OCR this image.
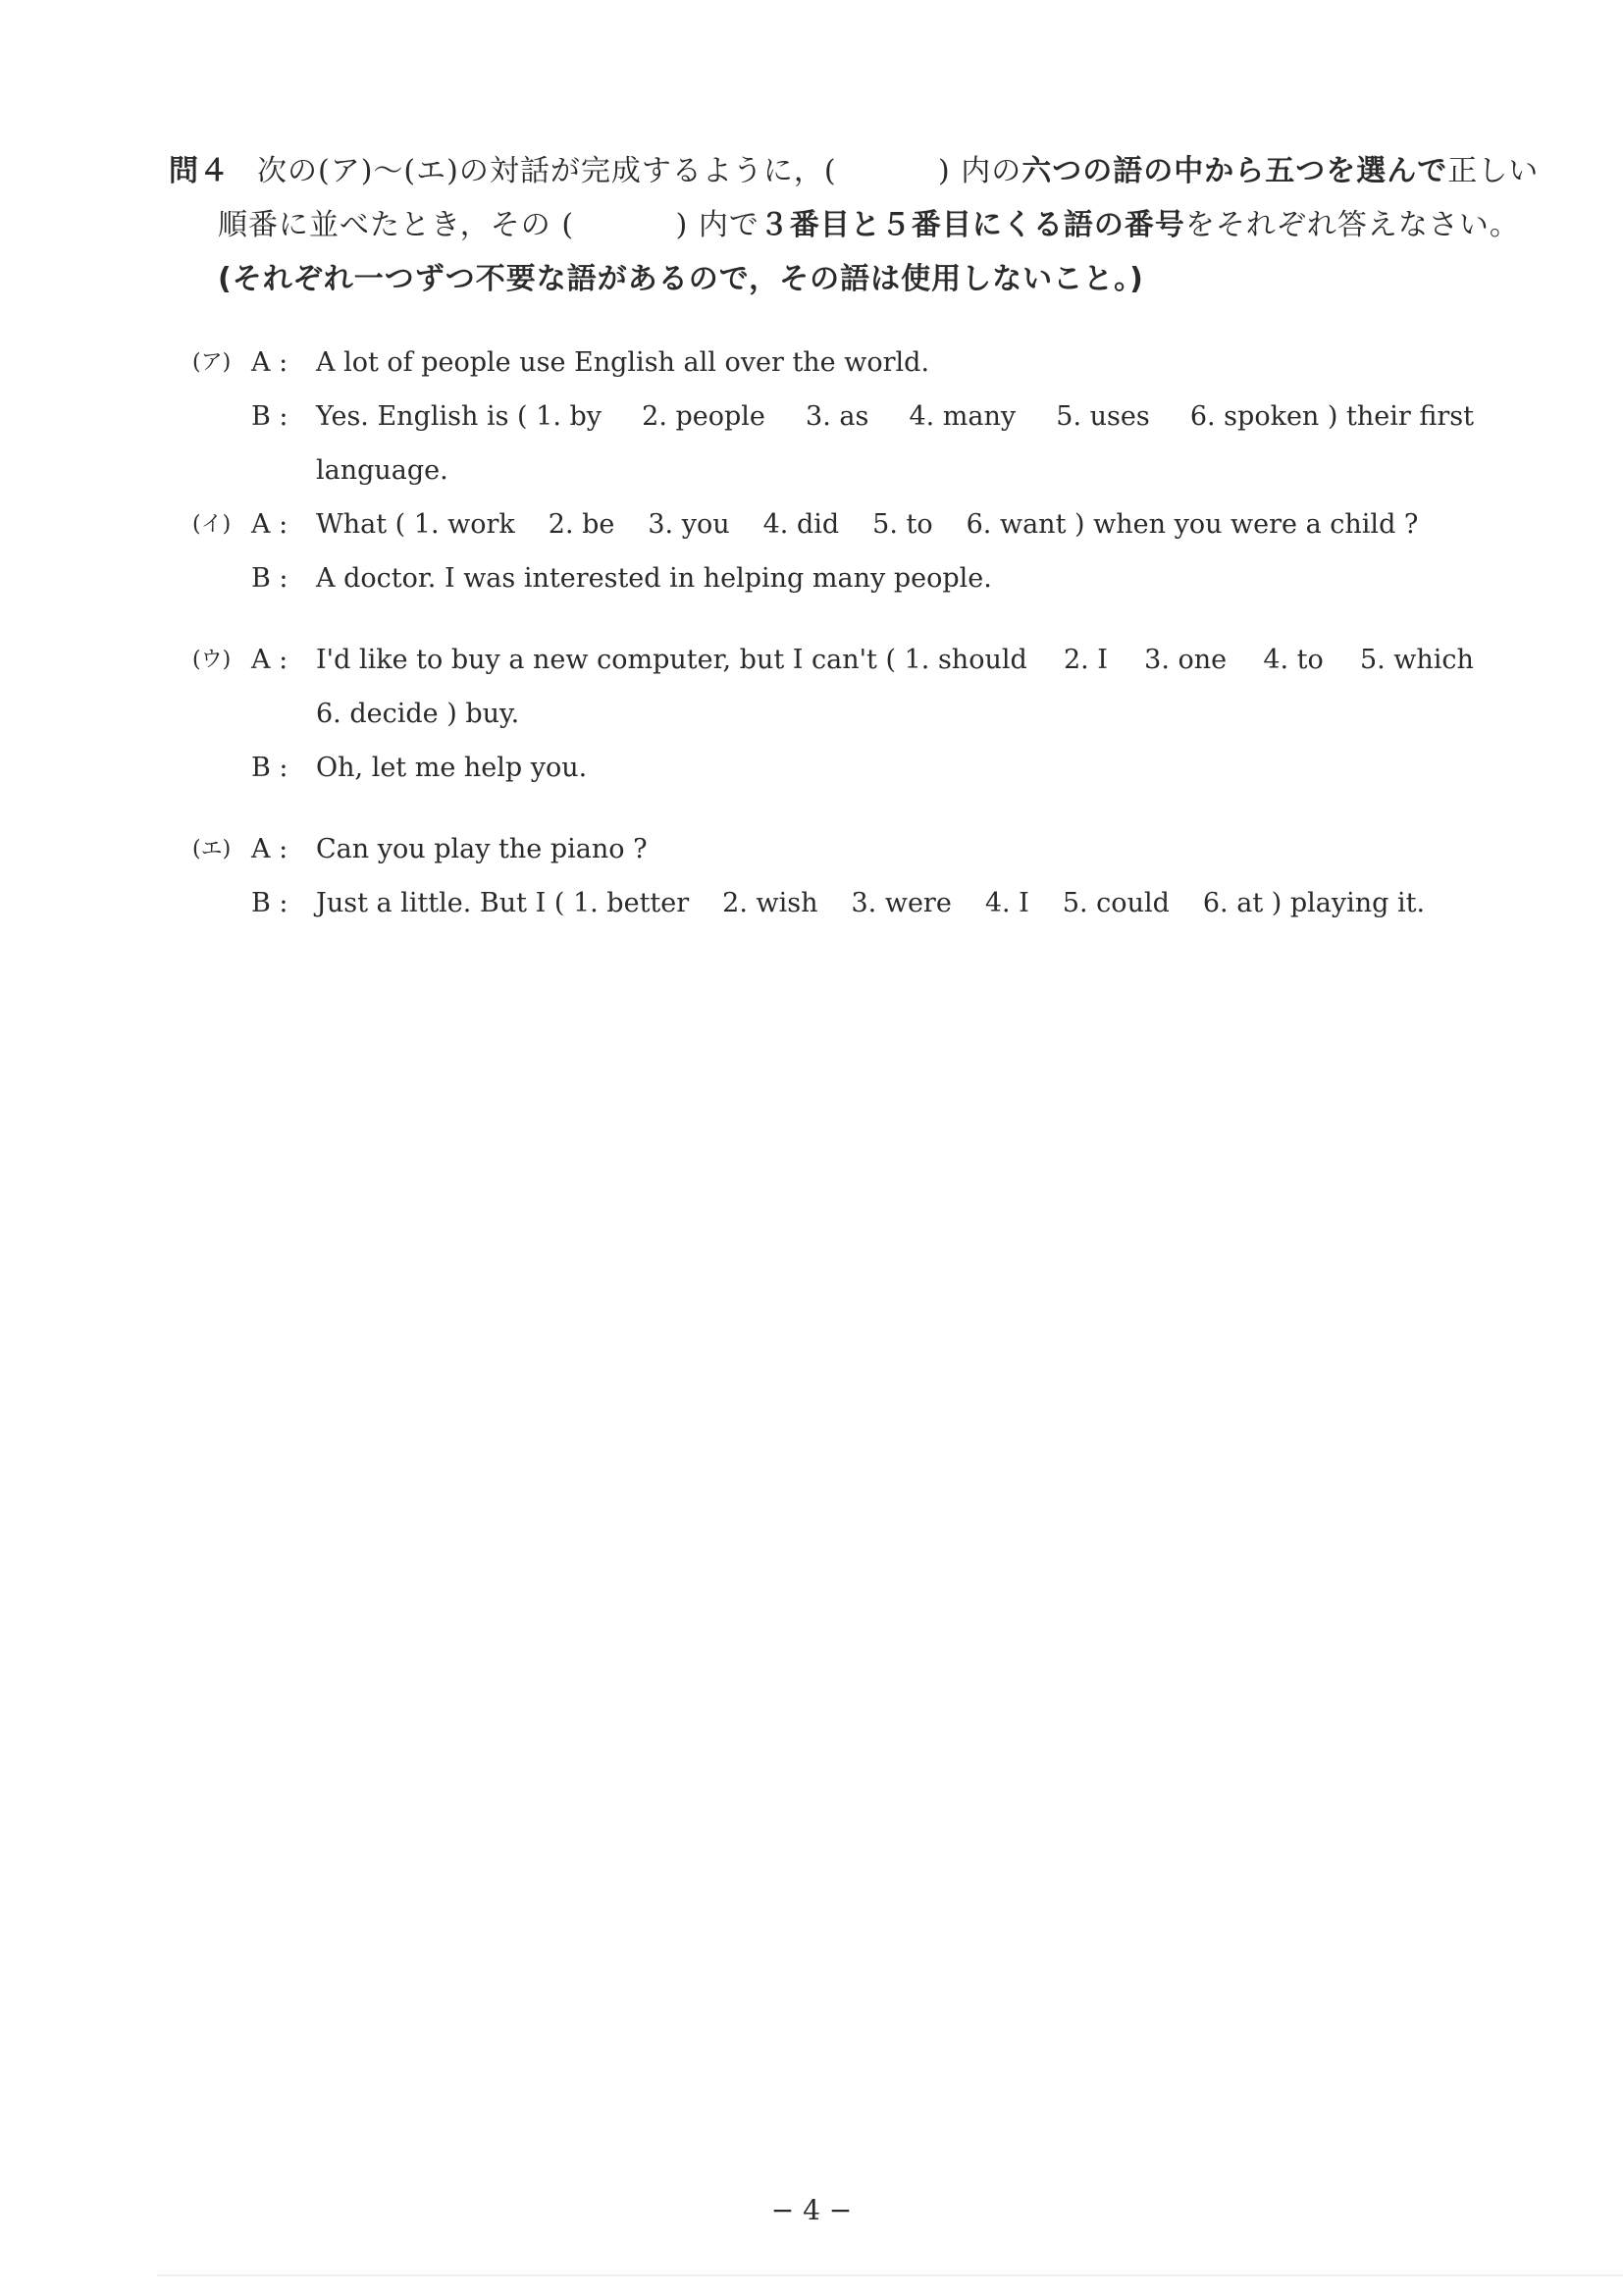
問４ 次の(ア)〜(エ)の対話が完成するように，(　　　 ) 内の六つの語の中から五つを選んで正しい
順番に並べたとき，その (　　　 ) 内で３番目と５番目にくる語の番号をそれぞれ答えなさい。
(それぞれ一つずつ不要な語があるので，その語は使用しないこと。)
(ア) A : A lot of people use English all over the world.
B : Yes. English is ( 1. by 2. people 3. as 4. many 5. uses 6. spoken ) their first
language.
(イ) A : What ( 1. work 2. be 3. you 4. did 5. to 6. want ) when you were a child ?
B : A doctor. I was interested in helping many people.
(ウ) A : I'd like to buy a new computer, but I can't ( 1. should 2. I 3. one 4. to 5. which
6. decide ) buy.
B : Oh, let me help you.
(エ) A : Can you play the piano ?
B : Just a little. But I ( 1. better 2. wish 3. were 4. I 5. could 6. at ) playing it.
− 4 −
